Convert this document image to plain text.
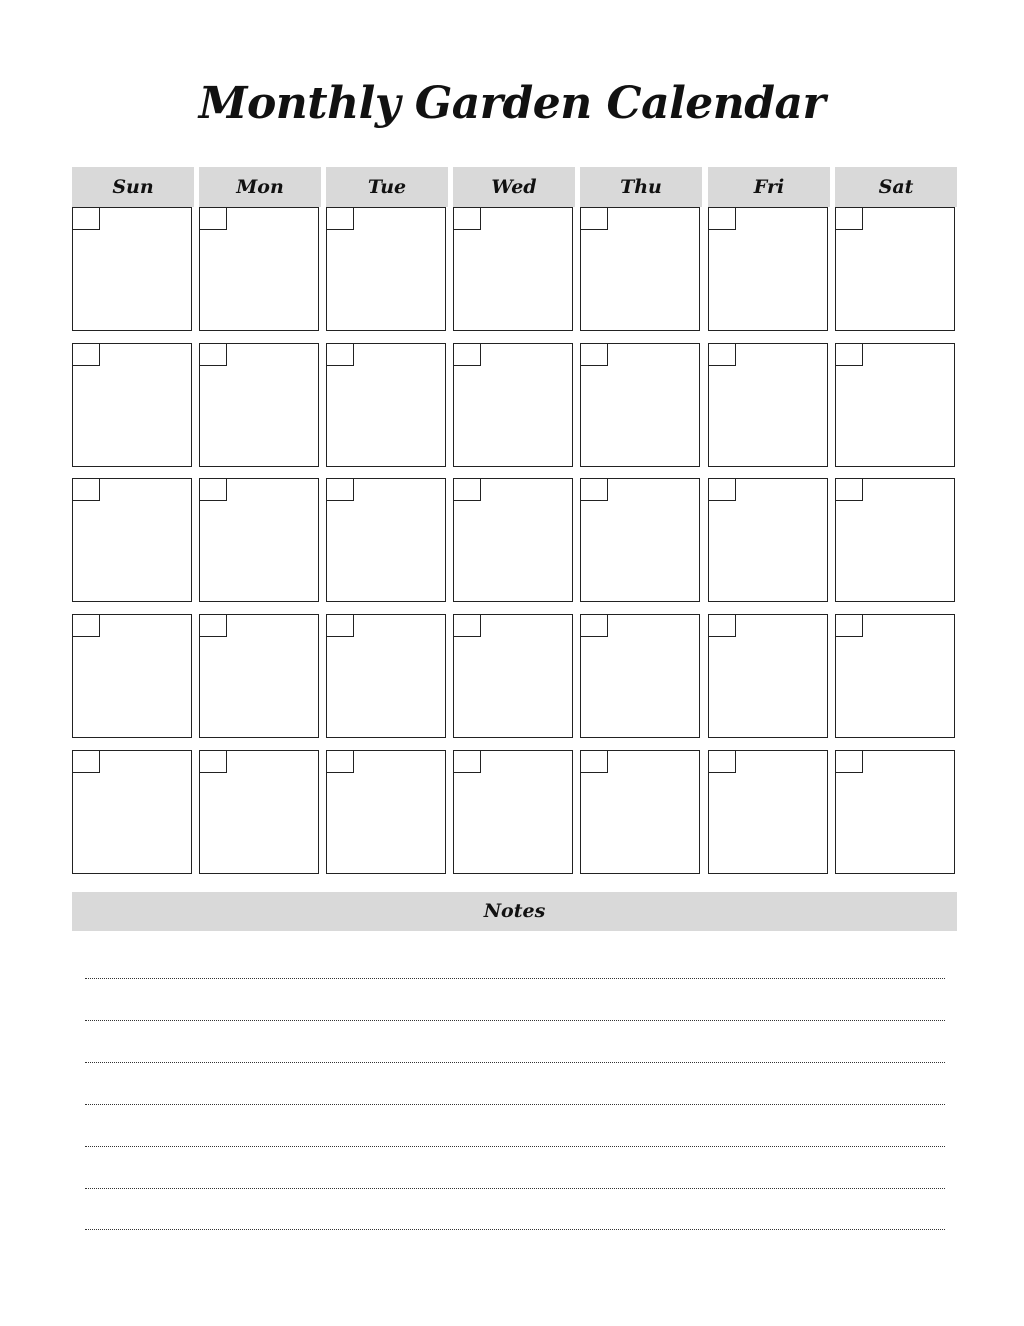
Monthly Garden Calendar
Sun	Mon	Tue	Wed	Thu	Fri	Sat
Notes
